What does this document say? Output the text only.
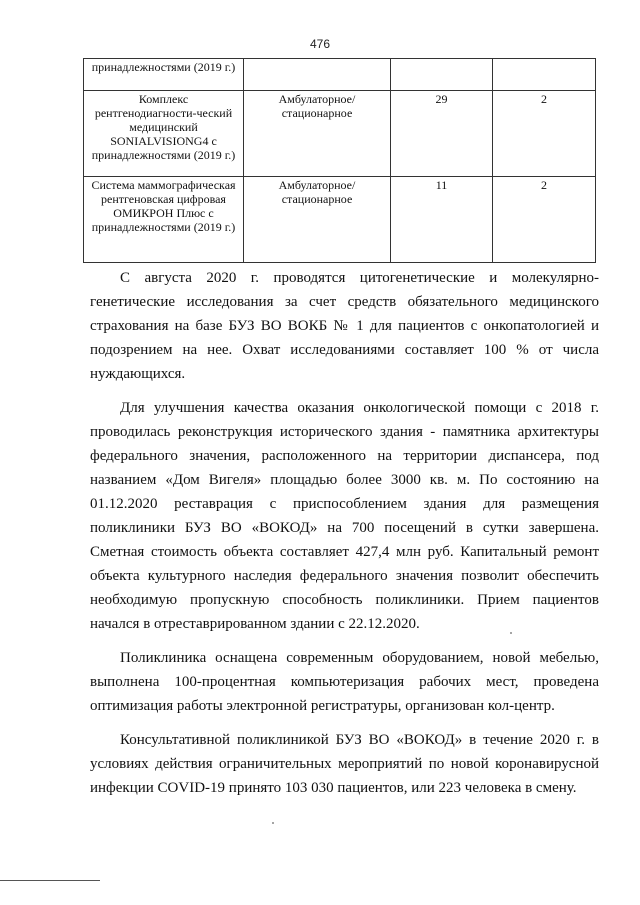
476
принадлежностями (2019 г.)			
Комплекс рентгенодиагности-ческий медицинский SONIALVISIONG4 с принадлежностями (2019 г.)	Амбулаторное/ стационарное	29	2
Система маммографическая рентгеновская цифровая ОМИКРОН Плюс с принадлежностями (2019 г.)	Амбулаторное/ стационарное	11	2

С августа 2020 г. проводятся цитогенетические и молекулярно-генетические исследования за счет средств обязательного медицинского страхования на базе БУЗ ВО ВОКБ № 1 для пациентов с онкопатологией и подозрением на нее. Охват исследованиями составляет 100 % от числа нуждающихся.

Для улучшения качества оказания онкологической помощи с 2018 г. проводилась реконструкция исторического здания - памятника архитектуры федерального значения, расположенного на территории диспансера, под названием «Дом Вигеля» площадью более 3000 кв. м. По состоянию на 01.12.2020 реставрация с приспособлением здания для размещения поликлиники БУЗ ВО «ВОКОД» на 700 посещений в сутки завершена. Сметная стоимость объекта составляет 427,4 млн руб. Капитальный ремонт объекта культурного наследия федерального значения позволит обеспечить необходимую пропускную способность поликлиники. Прием пациентов начался в отреставрированном здании с 22.12.2020.

Поликлиника оснащена современным оборудованием, новой мебелью, выполнена 100-процентная компьютеризация рабочих мест, проведена оптимизация работы электронной регистратуры, организован кол-центр.

Консультативной поликлиникой БУЗ ВО «ВОКОД» в течение 2020 г. в условиях действия ограничительных мероприятий по новой коронавирусной инфекции COVID-19 принято 103 030 пациентов, или 223 человека в смену.
